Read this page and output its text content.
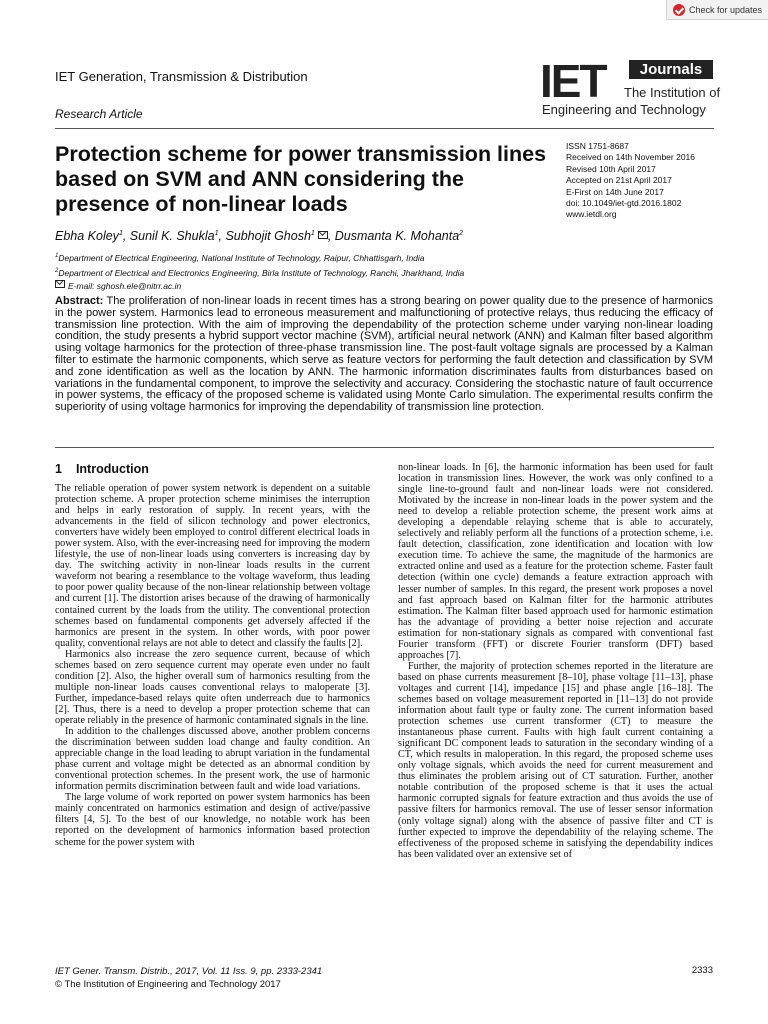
Check for updates
IET Generation, Transmission & Distribution
Research Article
IET	Journals
The Institution of
Engineering and Technology
Protection scheme for power transmission lines based on SVM and ANN considering the presence of non-linear loads
ISSN 1751-8687
Received on 14th November 2016
Revised 10th April 2017
Accepted on 21st April 2017
E-First on 14th June 2017
doi: 10.1049/iet-gtd.2016.1802
www.ietdl.org
Ebha Koley$^1$, Sunil K. Shukla$^1$, Subhojit Ghosh$^1$ , Dusmanta K. Mohanta$^2$
$^1$Department of Electrical Engineering, National Institute of Technology, Raipur, Chhattisgarh, India
$^2$Department of Electrical and Electronics Engineering, Birla Institute of Technology, Ranchi, Jharkhand, India
E-mail: sghosh.ele@nitrr.ac.in

Abstract: The proliferation of non-linear loads in recent times has a strong bearing on power quality due to the presence of harmonics in the power system. Harmonics lead to erroneous measurement and malfunctioning of protective relays, thus reducing the efficacy of transmission line protection. With the aim of improving the dependability of the protection scheme under varying non-linear loading condition, the study presents a hybrid support vector machine (SVM), artificial neural network (ANN) and Kalman filter based algorithm using voltage harmonics for the protection of three-phase transmission line. The post-fault voltage signals are processed by a Kalman filter to estimate the harmonic components, which serve as feature vectors for performing the fault detection and classification by SVM and zone identification as well as the location by ANN. The harmonic information discriminates faults from disturbances based on variations in the fundamental component, to improve the selectivity and accuracy. Considering the stochastic nature of fault occurrence in power systems, the efficacy of the proposed scheme is validated using Monte Carlo simulation. The experimental results confirm the superiority of using voltage harmonics for improving the dependability of transmission line protection.

1 Introduction

The reliable operation of power system network is dependent on a suitable protection scheme. A proper protection scheme minimises the interruption and helps in early restoration of supply. In recent years, with the advancements in the field of silicon technology and power electronics, converters have widely been employed to control different electrical loads in power system. Also, with the ever-increasing need for improving the modern lifestyle, the use of non-linear loads using converters is increasing day by day. The switching activity in non-linear loads results in the current waveform not bearing a resemblance to the voltage waveform, thus leading to poor power quality because of the non-linear relationship between voltage and current [1]. The distortion arises because of the drawing of harmonically contained current by the loads from the utility. The conventional protection schemes based on fundamental components get adversely affected if the harmonics are present in the system. In other words, with poor power quality, conventional relays are not able to detect and classify the faults [2].

Harmonics also increase the zero sequence current, because of which schemes based on zero sequence current may operate even under no fault condition [2]. Also, the higher overall sum of harmonics resulting from the multiple non-linear loads causes conventional relays to maloperate [3]. Further, impedance-based relays quite often underreach due to harmonics [2]. Thus, there is a need to develop a proper protection scheme that can operate reliably in the presence of harmonic contaminated signals in the line.

In addition to the challenges discussed above, another problem concerns the discrimination between sudden load change and faulty condition. An appreciable change in the load leading to abrupt variation in the fundamental phase current and voltage might be detected as an abnormal condition by conventional protection schemes. In the present work, the use of harmonic information permits discrimination between fault and wide load variations.

The large volume of work reported on power system harmonics has been mainly concentrated on harmonics estimation and design of active/passive filters [4, 5]. To the best of our knowledge, no notable work has been reported on the development of harmonics information based protection scheme for the power system with

non-linear loads. In [6], the harmonic information has been used for fault location in transmission lines. However, the work was only confined to a single line-to-ground fault and non-linear loads were not considered. Motivated by the increase in non-linear loads in the power system and the need to develop a reliable protection scheme, the present work aims at developing a dependable relaying scheme that is able to accurately, selectively and reliably perform all the functions of a protection scheme, i.e. fault detection, classification, zone identification and location with low execution time. To achieve the same, the magnitude of the harmonics are extracted online and used as a feature for the protection scheme. Faster fault detection (within one cycle) demands a feature extraction approach with lesser number of samples. In this regard, the present work proposes a novel and fast approach based on Kalman filter for the harmonic attributes estimation. The Kalman filter based approach used for harmonic estimation has the advantage of providing a better noise rejection and accurate estimation for non-stationary signals as compared with conventional fast Fourier transform (FFT) or discrete Fourier transform (DFT) based approaches [7].

Further, the majority of protection schemes reported in the literature are based on phase currents measurement [8–10], phase voltage [11–13], phase voltages and current [14], impedance [15] and phase angle [16–18]. The schemes based on voltage measurement reported in [11–13] do not provide information about fault type or faulty zone. The current information based protection schemes use current transformer (CT) to measure the instantaneous phase current. Faults with high fault current containing a significant DC component leads to saturation in the secondary winding of a CT, which results in maloperation. In this regard, the proposed scheme uses only voltage signals, which avoids the need for current measurement and thus eliminates the problem arising out of CT saturation. Further, another notable contribution of the proposed scheme is that it uses the actual harmonic corrupted signals for feature extraction and thus avoids the use of passive filters for harmonics removal. The use of lesser sensor information (only voltage signal) along with the absence of passive filter and CT is further expected to improve the dependability of the relaying scheme. The effectiveness of the proposed scheme in satisfying the dependability indices has been validated over an extensive set of

IET Gener. Transm. Distrib., 2017, Vol. 11 Iss. 9, pp. 2333-2341
© The Institution of Engineering and Technology 2017
2333
